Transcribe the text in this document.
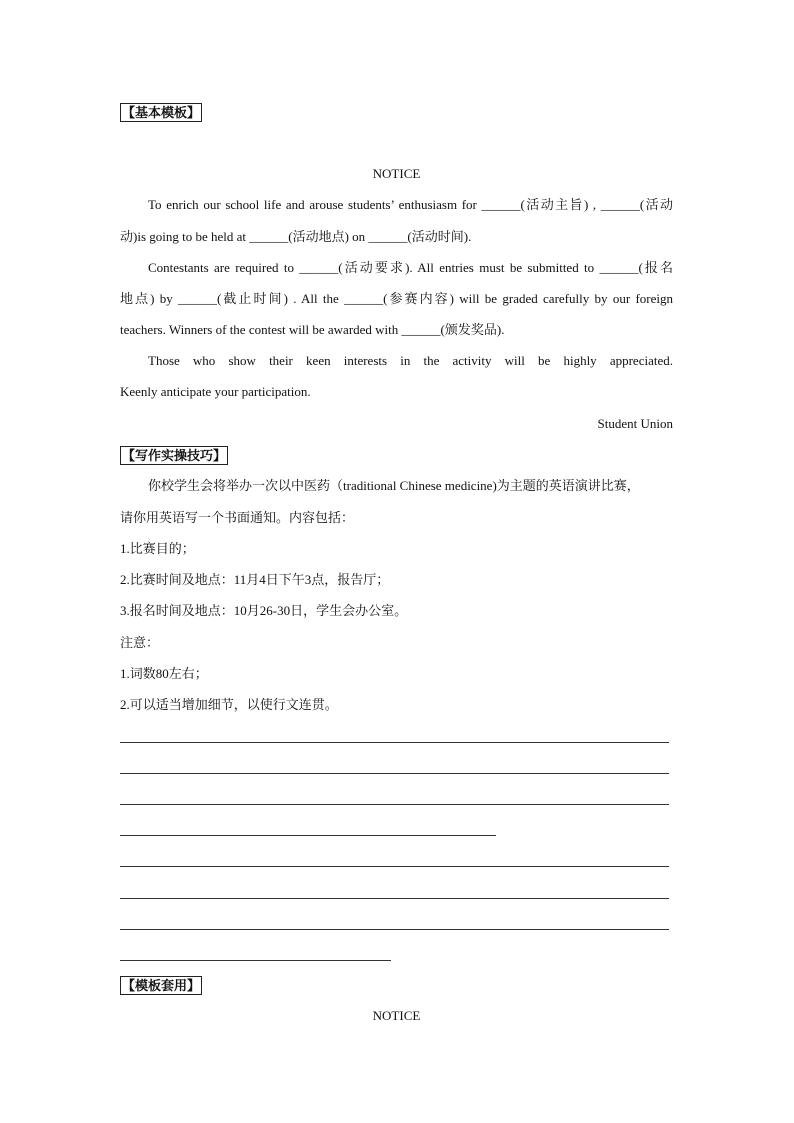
【基本模板】
NOTICE
To enrich our school life and arouse students’ enthusiasm for ______(活动主旨) , ______(活动
动)is going to be held at ______(活动地点) on ______(活动时间).
Contestants are required to ______(活动要求). All entries must be submitted to ______(报名
地点) by ______(截止时间) . All the ______(参赛内容) will be graded carefully by our foreign
teachers. Winners of the contest will be awarded with ______(颁发奖品).
Those who show their keen interests in the activity will be highly appreciated.
Keenly anticipate your participation.
Student Union
【写作实操技巧】
你校学生会将举办一次以中医药（traditional Chinese medicine)为主题的英语演讲比赛，
请你用英语写一个书面通知。内容包括：
1.比赛目的；
2.比赛时间及地点：11月4日下午3点，报告厅；
3.报名时间及地点：10月26-30日，学生会办公室。
注意：
1.词数80左右；
2.可以适当增加细节，以使行文连贯。
【模板套用】
NOTICE
